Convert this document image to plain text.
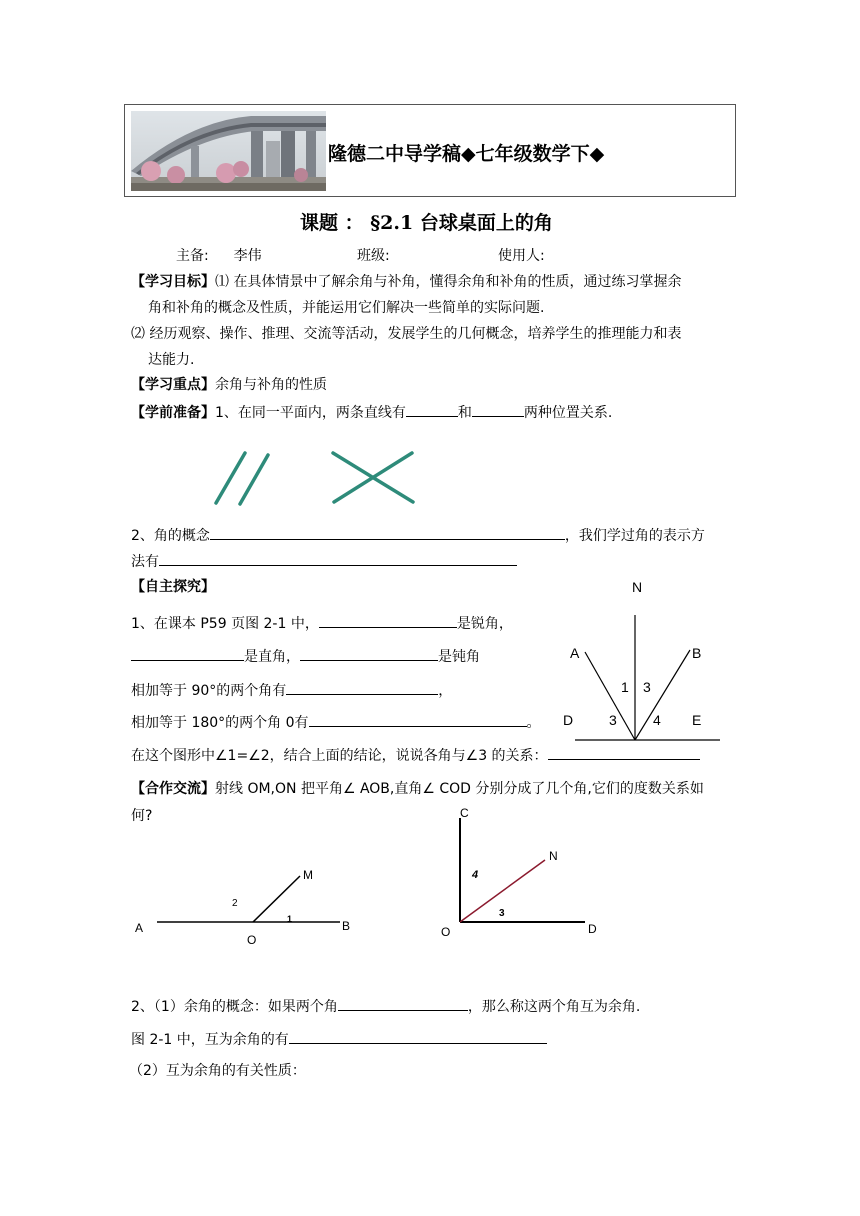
隆德二中导学稿◆七年级数学下◆
课题 ： §2.1 台球桌面上的角
主备: 李伟	班级:	使用人:
【学习目标】⑴ 在具体情景中了解余角与补角，懂得余角和补角的性质，通过练习掌握余
角和补角的概念及性质，并能运用它们解决一些简单的实际问题.
⑵ 经历观察、操作、推理、交流等活动，发展学生的几何概念，培养学生的推理能力和表
达能力.
【学习重点】余角与补角的性质
【学前准备】1、在同一平面内，两条直线有	和	两种位置关系.
2、角的概念	，我们学过角的表示方
法有
【自主探究】
1、在课本 P59 页图 2-1 中，	是锐角，
是直角，	是钝角
相加等于 90°的两个角有	，
相加等于 180°的两个角 0有	。
在这个图形中∠1=∠2，结合上面的结论，说说各角与∠3 的关系：
N
A	B
D	E
1 3
3	4
【合作交流】射线 OM,ON 把平角∠ AOB,直角∠ COD 分别分成了几个角,它们的度数关系如
何?
A	B
O
M
2
1
C
O	D
N
4
3
2、（1）余角的概念：如果两个角	，那么称这两个角互为余角.
图 2-1 中，互为余角的有
（2）互为余角的有关性质：
